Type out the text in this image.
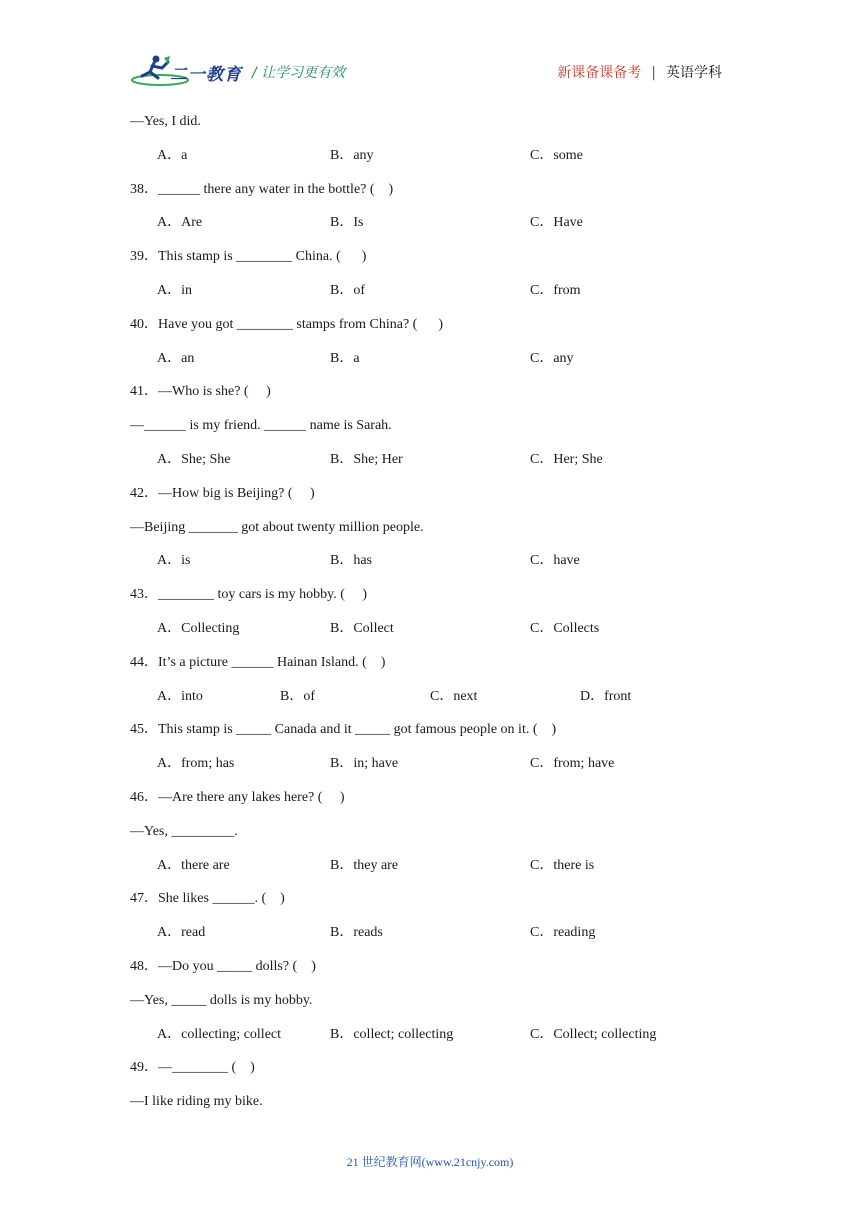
二一教育 / 让学习更有效	新课备课备考 | 英语学科
—Yes, I did.
A．a	B．any	C．some
38．______ there any water in the bottle? (    )
A．Are	B．Is	C．Have
39．This stamp is ________ China. (      )
A．in	B．of	C．from
40．Have you got ________ stamps from China? (      )
A．an	B．a	C．any
41．—Who is she? (     )
—______ is my friend. ______ name is Sarah.
A．She; She	B．She; Her	C．Her; She
42．—How big is Beijing? (     )
—Beijing _______ got about twenty million people.
A．is	B．has	C．have
43．________ toy cars is my hobby. (     )
A．Collecting	B．Collect	C．Collects
44．It’s a picture ______ Hainan Island. (    )
A．into	B．of	C．next	D．front
45．This stamp is _____ Canada and it _____ got famous people on it. (    )
A．from; has	B．in; have	C．from; have
46．—Are there any lakes here? (     )
—Yes, _________.
A．there are	B．they are	C．there is
47．She likes ______. (    )
A．read	B．reads	C．reading
48．—Do you _____ dolls? (    )
—Yes, _____ dolls is my hobby.
A．collecting; collect	B．collect; collecting	C．Collect; collecting
49．—________ (    )
—I like riding my bike.
21 世纪教育网(www.21cnjy.com)
